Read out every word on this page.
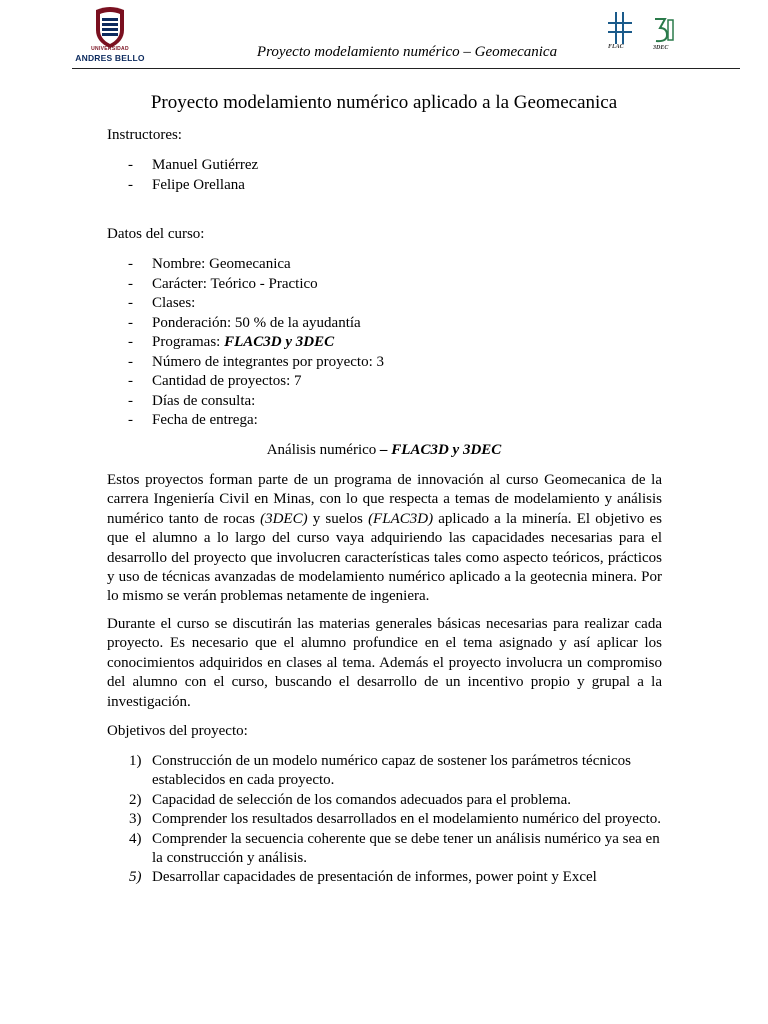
UNIVERSIDAD
ANDRES BELLO	Proyecto modelamiento numérico – Geomecanica	FLAC	3DEC
Proyecto modelamiento numérico aplicado a la Geomecanica
Instructores:
- Manuel Gutiérrez
- Felipe Orellana
Datos del curso:
- Nombre: Geomecanica
- Carácter: Teórico - Practico
- Clases:
- Ponderación: 50 % de la ayudantía
- Programas: FLAC3D y 3DEC
- Número de integrantes por proyecto: 3
- Cantidad de proyectos: 7
- Días de consulta:
- Fecha de entrega:
Análisis numérico – FLAC3D y 3DEC

Estos proyectos forman parte de un programa de innovación al curso Geomecanica de la carrera Ingeniería Civil en Minas, con lo que respecta a temas de modelamiento y análisis numérico tanto de rocas (3DEC) y suelos (FLAC3D) aplicado a la minería. El objetivo es que el alumno a lo largo del curso vaya adquiriendo las capacidades necesarias para el desarrollo del proyecto que involucren características tales como aspecto teóricos, prácticos y uso de técnicas avanzadas de modelamiento numérico aplicado a la geotecnia minera. Por lo mismo se verán problemas netamente de ingeniera.

Durante el curso se discutirán las materias generales básicas necesarias para realizar cada proyecto. Es necesario que el alumno profundice en el tema asignado y así aplicar los conocimientos adquiridos en clases al tema. Además el proyecto involucra un compromiso del alumno con el curso, buscando el desarrollo de un incentivo propio y grupal a la investigación.

Objetivos del proyecto:
1) Construcción de un modelo numérico capaz de sostener los parámetros técnicos establecidos en cada proyecto.
2) Capacidad de selección de los comandos adecuados para el problema.
3) Comprender los resultados desarrollados en el modelamiento numérico del proyecto.
4) Comprender la secuencia coherente que se debe tener un análisis numérico ya sea en la construcción y análisis.
5) Desarrollar capacidades de presentación de informes, power point y Excel
